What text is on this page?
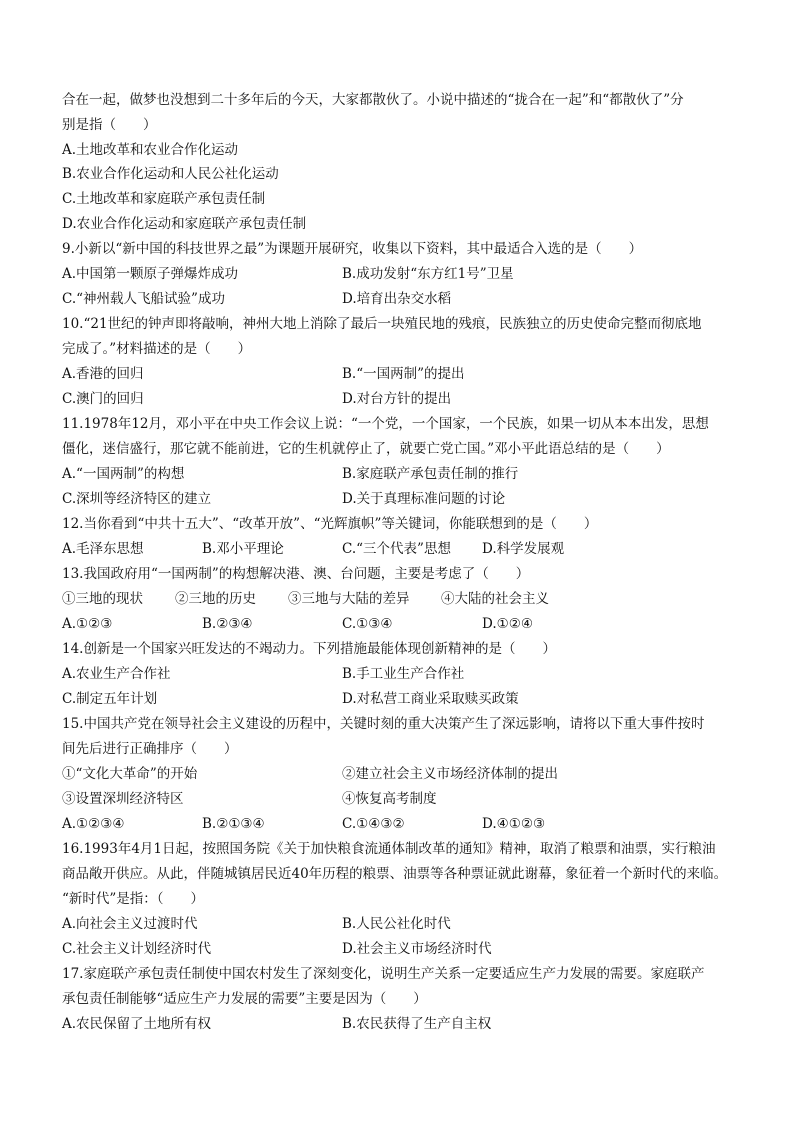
合在一起，做梦也没想到二十多年后的今天，大家都散伙了。小说中描述的“拢合在一起”和“都散伙了”分
别是指（　　）
A.土地改革和农业合作化运动
B.农业合作化运动和人民公社化运动
C.土地改革和家庭联产承包责任制
D.农业合作化运动和家庭联产承包责任制
9.小新以“新中国的科技世界之最”为课题开展研究，收集以下资料，其中最适合入选的是（　　）
A.中国第一颗原子弹爆炸成功	B.成功发射“东方红1号”卫星
C.“神州载人飞船试验”成功	D.培育出杂交水稻
10.“21世纪的钟声即将敲响，神州大地上消除了最后一块殖民地的残痕，民族独立的历史使命完整而彻底地
完成了。”材料描述的是（　　）
A.香港的回归	B.“一国两制”的提出
C.澳门的回归	D.对台方针的提出
11.1978年12月，邓小平在中央工作会议上说：“一个党，一个国家，一个民族，如果一切从本本出发，思想
僵化，迷信盛行，那它就不能前进，它的生机就停止了，就要亡党亡国。”邓小平此语总结的是（　　）
A.“一国两制”的构想	B.家庭联产承包责任制的推行
C.深圳等经济特区的建立	D.关于真理标准问题的讨论
12.当你看到“中共十五大”、“改革开放”、“光辉旗帜”等关键词，你能联想到的是（　　）
A.毛泽东思想	B.邓小平理论	C.“三个代表”思想 D.科学发展观
13.我国政府用“一国两制”的构想解决港、澳、台问题，主要是考虑了（　　）
①三地的现状 ②三地的历史 ③三地与大陆的差异 ④大陆的社会主义
A.①②③	B.②③④	C.①③④	D.①②④
14.创新是一个国家兴旺发达的不竭动力。下列措施最能体现创新精神的是（　　）
A.农业生产合作社	B.手工业生产合作社
C.制定五年计划	D.对私营工商业采取赎买政策
15.中国共产党在领导社会主义建设的历程中，关键时刻的重大决策产生了深远影响，请将以下重大事件按时
间先后进行正确排序（　　）
①“文化大革命”的开始	②建立社会主义市场经济体制的提出
③设置深圳经济特区	④恢复高考制度
A.①②③④	B.②①③④	C.①④③②	D.④①②③
16.1993年4月1日起，按照国务院《关于加快粮食流通体制改革的通知》精神，取消了粮票和油票，实行粮油
商品敞开供应。从此，伴随城镇居民近40年历程的粮票、油票等各种票证就此谢幕，象征着一个新时代的来临。
“新时代”是指：（　　）
A.向社会主义过渡时代	B.人民公社化时代
C.社会主义计划经济时代	D.社会主义市场经济时代
17.家庭联产承包责任制使中国农村发生了深刻变化，说明生产关系一定要适应生产力发展的需要。家庭联产
承包责任制能够“适应生产力发展的需要”主要是因为（　　）
A.农民保留了土地所有权	B.农民获得了生产自主权
